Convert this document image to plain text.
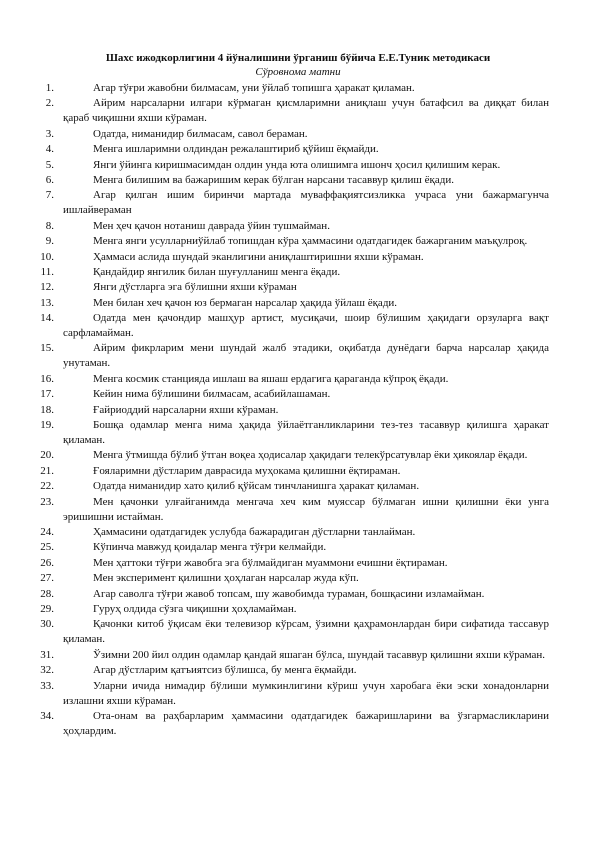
Шахс ижодкорлигини 4 йўналишини ўрганиш бўйича Е.Е.Туник методикаси
Сўровнома матни
1.	Агар тўғри жавобни билмасам, уни ўйлаб топишга ҳаракат қиламан.
2.	Айрим нарсаларни илгари кўрмаган қисмларимни аниқлаш учун батафсил ва диққат билан қараб чиқишни яхши кўраман.
3.	Одатда, ниманидир билмасам, савол бераман.
4.	Менга ишларимни олдиндан режалаштириб қўйиш ёқмайди.
5.	Янги ўйинга киришмасимдан олдин унда юта олишимга ишонч ҳосил қилишим керак.
6.	Менга билишим ва бажаришим керак бўлган нарсани тасаввур қилиш ёқади.
7.	Агар қилган ишим биринчи мартада муваффақиятсизликка учраса уни бажармагунча ишлайвераман
8.	Мен ҳеч қачон нотаниш даврада ўйин тушмайман.
9.	Менга янги усулларниўйлаб топишдан кўра ҳаммасини одатдагидек бажарганим маъқулроқ.
10.	Ҳаммаси аслида шундай эканлигини аниқлаштиришни яхши кўраман.
11.	Қандайдир янгилик билан шуғулланиш менга ёқади.
12.	Янги дўстларга эга бўлишни яхши кўраман
13.	Мен билан хеч қачон юз бермаган нарсалар ҳақида ўйлаш ёқади.
14.	Одатда мен қачондир машҳур артист, мусиқачи, шоир бўлишим ҳақидаги орзуларга вақт сарфламайман.
15.	Айрим фикрларим мени шундай жалб этадики, оқибатда дунёдаги барча нарсалар ҳақида унутаман.
16.	Менга космик станцияда ишлаш ва яшаш ердагига қараганда кўпроқ ёқади.
17.	Кейин нима бўлишини билмасам, асабийлашаман.
18.	Ғайриоддий нарсаларни яхши кўраман.
19.	Бошқа одамлар менга нима ҳақида ўйлаётганликларини тез-тез тасаввур қилишга ҳаракат қиламан.
20.	Менга ўтмишда бўлиб ўтган воқеа ҳодисалар ҳақидаги телекўрсатувлар ёки ҳикоялар ёқади.
21.	Ғояларимни дўстларим даврасида муҳокама қилишни ёқтираман.
22.	Одатда ниманидир хато қилиб қўйсам тинчланишга ҳаракат қиламан.
23.	Мен қачонки улғайганимда менгача хеч ким муяссар бўлмаган ишни қилишни ёки унга эришишни истайман.
24.	Ҳаммасини одатдагидек услубда бажарадиган дўстларни танлайман.
25.	Кўпинча мавжуд қоидалар менга тўғри келмайди.
26.	Мен ҳаттоки тўғри жавобга эга бўлмайдиган муаммони ечишни ёқтираман.
27.	Мен эксперимент қилишни ҳоҳлаган нарсалар жуда кўп.
28.	Агар саволга тўғри жавоб топсам, шу жавобимда тураман, бошқасини изламайман.
29.	Гуруҳ олдида сўзга чиқишни ҳоҳламайман.
30.	Қачонки китоб ўқисам ёки телевизор кўрсам, ўзимни қаҳрамонлардан бири сифатида тассавур қиламан.
31.	Ўзимни 200 йил олдин одамлар қандай яшаган бўлса, шундай тасаввур қилишни яхши кўраман.
32.	Агар дўстларим қатъиятсиз бўлишса, бу менга ёқмайди.
33.	Уларни ичида нимадир бўлиши мумкинлигини кўриш учун харобага ёки эски хонадонларни излашни яхши кўраман.
34.	Ота-онам ва раҳбарларим ҳаммасини одатдагидек бажаришларини ва ўзгармасликларини ҳоҳлардим.
